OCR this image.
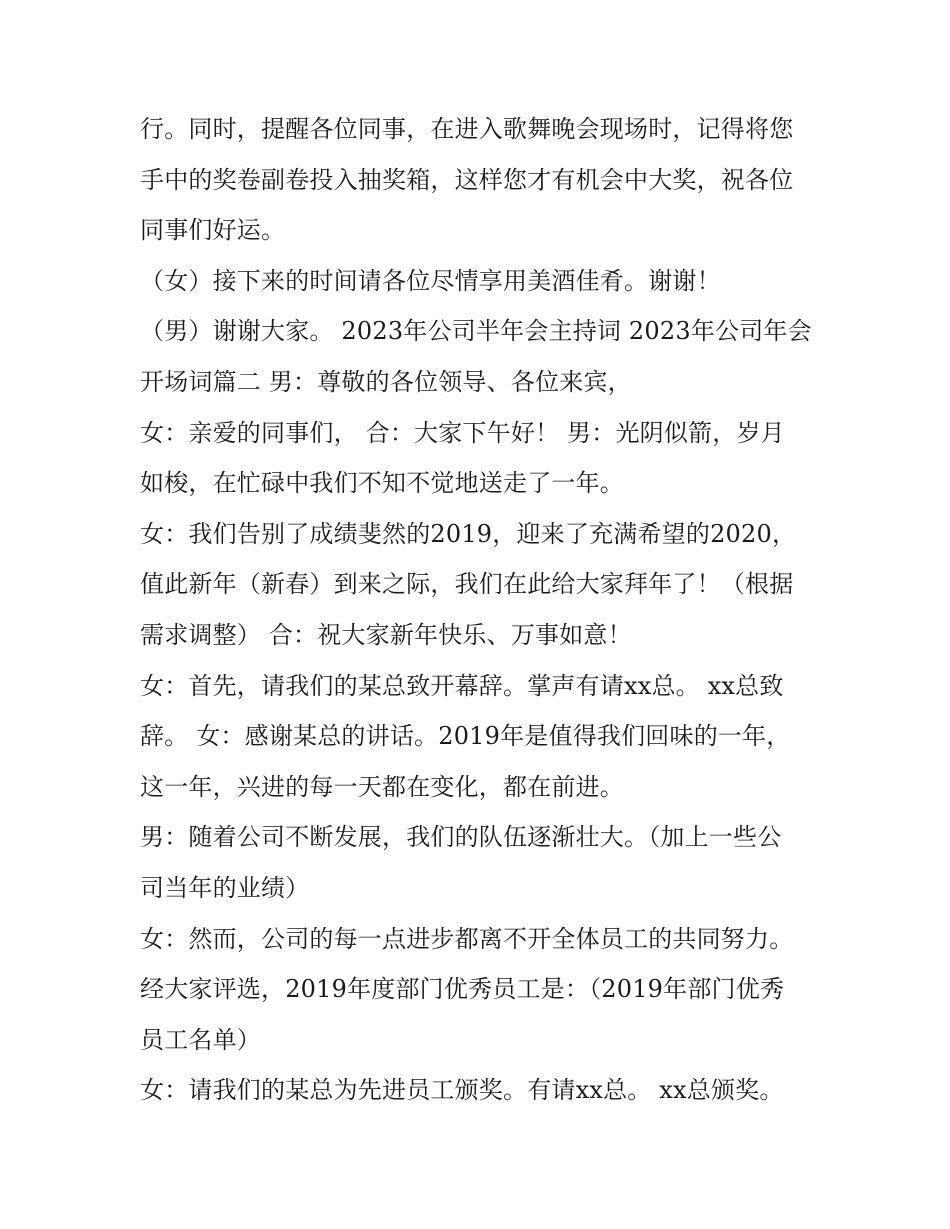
行。同时，提醒各位同事，在进入歌舞晚会现场时，记得将您
手中的奖卷副卷投入抽奖箱，这样您才有机会中大奖，祝各位
同事们好运。

（女）接下来的时间请各位尽情享用美酒佳肴。谢谢！

（男）谢谢大家。 2023年公司半年会主持词 2023年公司年会
开场词篇二 男：尊敬的各位领导、各位来宾，

女：亲爱的同事们， 合：大家下午好！ 男：光阴似箭，岁月
如梭，在忙碌中我们不知不觉地送走了一年。

女：我们告别了成绩斐然的2019，迎来了充满希望的2020，
值此新年（新春）到来之际，我们在此给大家拜年了！（根据
需求调整） 合：祝大家新年快乐、万事如意！

女：首先，请我们的某总致开幕辞。掌声有请xx总。 xx总致
辞。 女：感谢某总的讲话。2019年是值得我们回味的一年，
这一年，兴进的每一天都在变化，都在前进。

男：随着公司不断发展，我们的队伍逐渐壮大。（加上一些公
司当年的业绩）

女：然而，公司的每一点进步都离不开全体员工的共同努力。
经大家评选，2019年度部门优秀员工是：（2019年部门优秀
员工名单）

女：请我们的某总为先进员工颁奖。有请xx总。 xx总颁奖。
